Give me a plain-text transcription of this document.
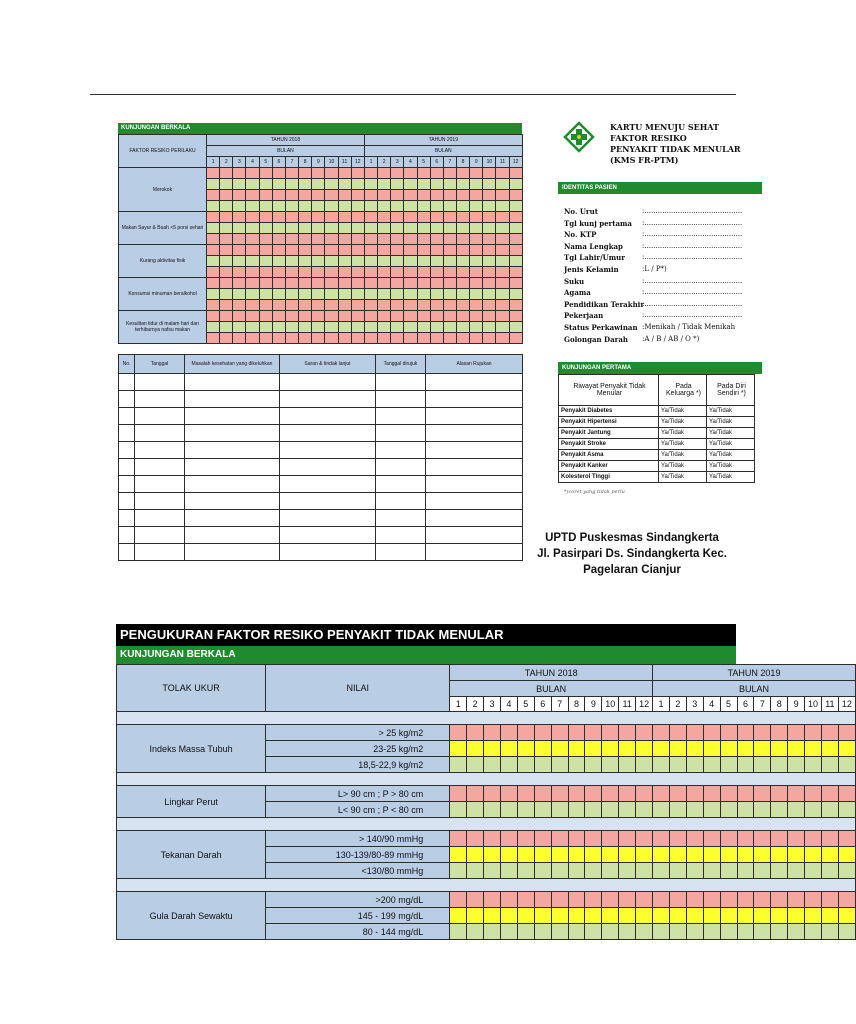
KUNJUNGAN BERKALA
FAKTOR RESIKO PERILAKU	TAHUN 2018												TAHUN 2019											
	BULAN												BULAN											
	1	2	3	4	5	6	7	8	9	10	11	12	1	2	3	4	5	6	7	8	9	10	11	12
Merokok																								

Makan Sayur & Buah <5 porsi sehari																								

Kurang aktivitas fisik																								

Konsumsi minuman beralkohol																								

Kesulitan tidur di malam hari dan terhiburnya nafsu makan																								

No.	Tanggal	Masalah kesehatan yang dikeluhkan	Saran & tindak lanjut	Tanggal dirujuk	Alasan Rujukan

KARTU MENUJU SEHAT
FAKTOR RESIKO
PENYAKIT TIDAK MENULAR
(KMS FR-PTM)
IDENTITAS PASIEN
No. Urut	:............................................
Tgl kunj pertama	:............................................
No. KTP	:............................................
Nama Lengkap	:............................................
Tgl Lahir/Umur	:............................................
Jenis Kelamin	:L / P*)
Suku	:............................................
Agama	:............................................
Pendidikan Terakhir
:............................................
Pekerjaan	:............................................
Status Perkawinan :Menikah / Tidak Menikah
Golongan Darah	:A / B / AB / O *)
KUNJUNGAN PERTAMA
Riwayat Penyakit Tidak Menular	Pada Keluarga *)	Pada Diri Sendiri *)
Penyakit Diabetes	Ya/Tidak	Ya/Tidak
Penyakit Hipertensi	Ya/Tidak	Ya/Tidak
Penyakit Jantung	Ya/Tidak	Ya/Tidak
Penyakit Stroke	Ya/Tidak	Ya/Tidak
Penyakit Asma	Ya/Tidak	Ya/Tidak
Penyakit Kanker	Ya/Tidak	Ya/Tidak
Kolesterol Tinggi	Ya/Tidak	Ya/Tidak
*)coret yang tidak perlu
UPTD Puskesmas Sindangkerta
Jl. Pasirpari Ds. Sindangkerta Kec.
Pagelaran Cianjur
PENGUKURAN FAKTOR RESIKO PENYAKIT TIDAK MENULAR
KUNJUNGAN BERKALA
TOLAK UKUR	NILAI	TAHUN 2018												TAHUN 2019											
		BULAN												BULAN											
		1	2	3	4	5	6	7	8	9	10	11	12	1	2	3	4	5	6	7	8	9	10	11	12

Indeks Massa Tubuh	> 25 kg/m2																								
	23-25 kg/m2																								
	18,5-22,9 kg/m2																								

Lingkar Perut	L> 90 cm ; P > 80 cm																								
	L< 90 cm ; P < 80 cm																								

Tekanan Darah	> 140/90 mmHg																								
	130-139/80-89 mmHg																								
	<130/80 mmHg																								

Gula Darah Sewaktu	>200 mg/dL																								
	145 - 199 mg/dL																								
	80 - 144 mg/dL																								
